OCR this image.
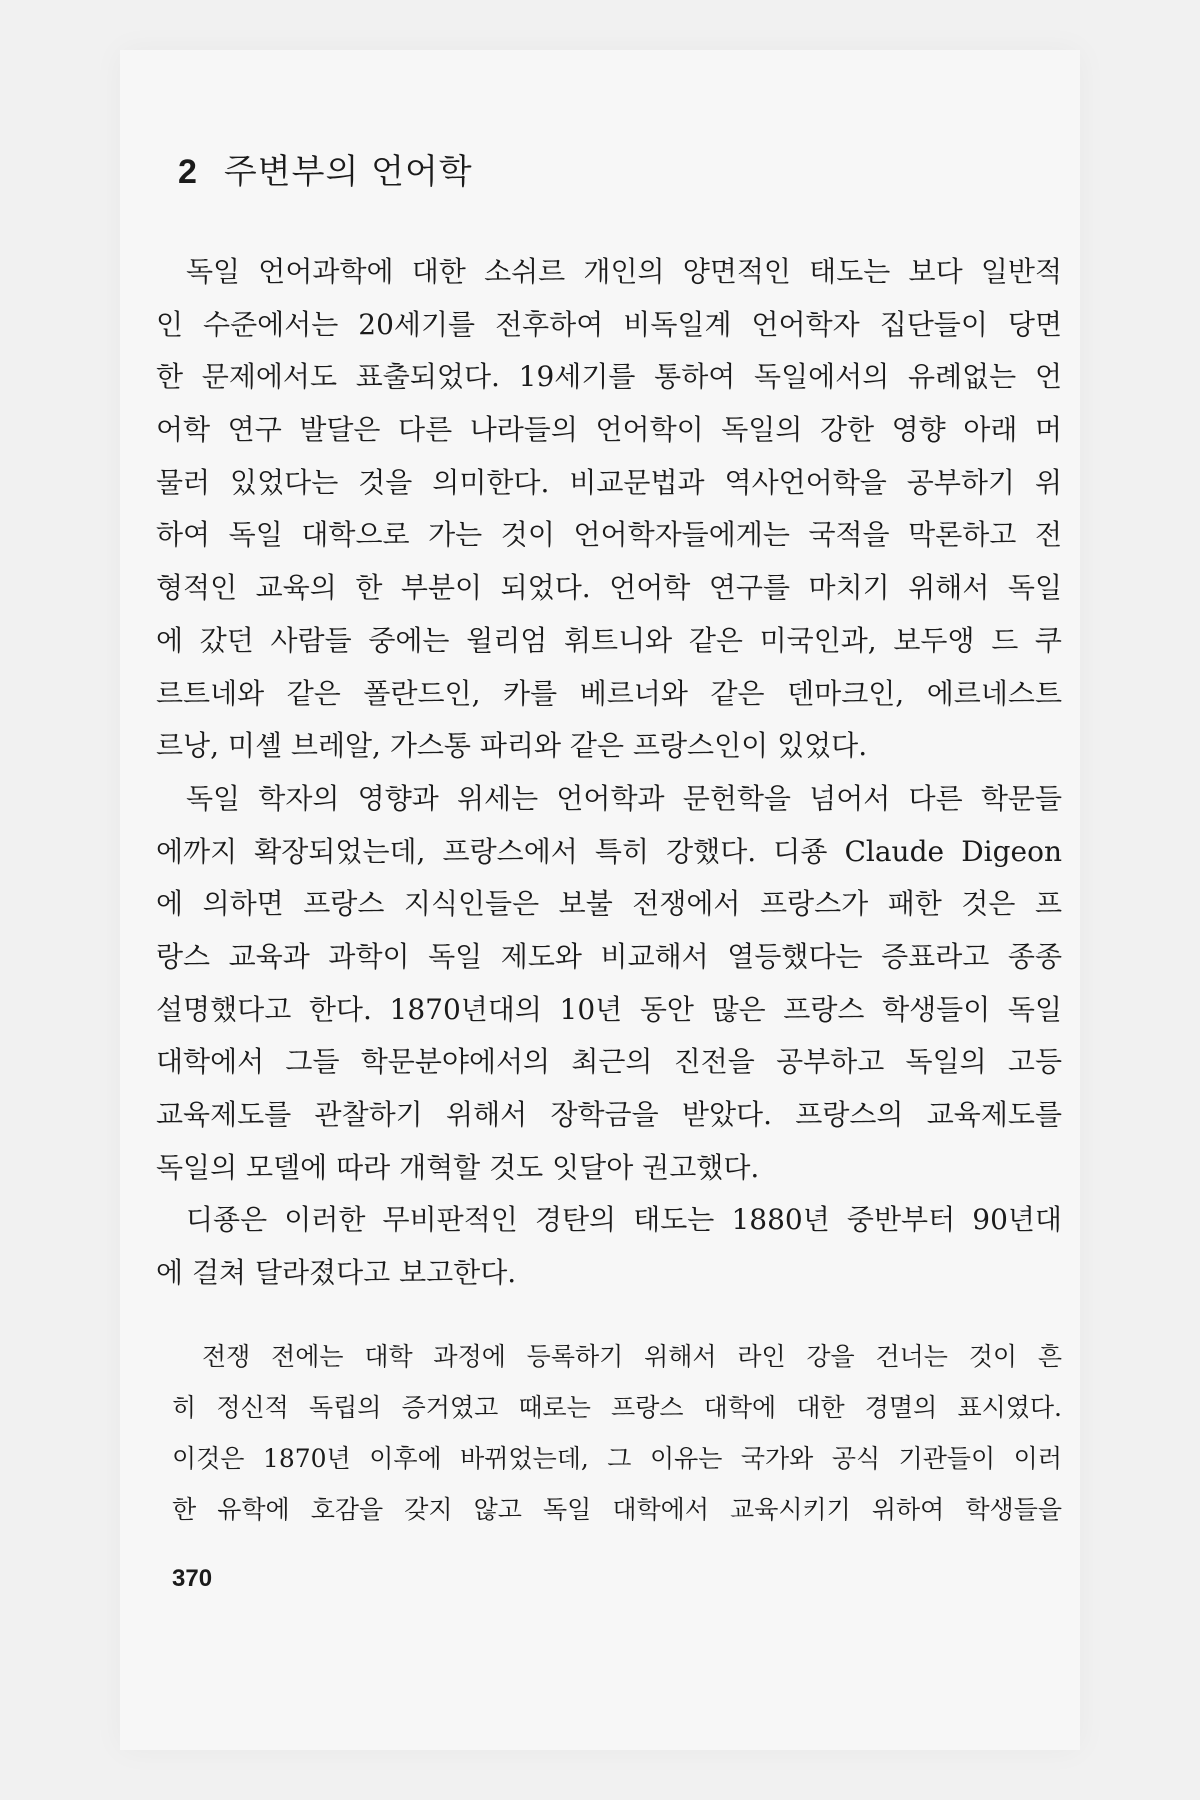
2 주변부의 언어학
독일 언어과학에 대한 소쉬르 개인의 양면적인 태도는 보다 일반적
인 수준에서는 20세기를 전후하여 비독일계 언어학자 집단들이 당면
한 문제에서도 표출되었다. 19세기를 통하여 독일에서의 유례없는 언
어학 연구 발달은 다른 나라들의 언어학이 독일의 강한 영향 아래 머
물러 있었다는 것을 의미한다. 비교문법과 역사언어학을 공부하기 위
하여 독일 대학으로 가는 것이 언어학자들에게는 국적을 막론하고 전
형적인 교육의 한 부분이 되었다. 언어학 연구를 마치기 위해서 독일
에 갔던 사람들 중에는 윌리엄 휘트니와 같은 미국인과, 보두앵 드 쿠
르트네와 같은 폴란드인, 카를 베르너와 같은 덴마크인, 에르네스트
르낭, 미셸 브레알, 가스통 파리와 같은 프랑스인이 있었다.
독일 학자의 영향과 위세는 언어학과 문헌학을 넘어서 다른 학문들
에까지 확장되었는데, 프랑스에서 특히 강했다. 디죵 Claude Digeon
에 의하면 프랑스 지식인들은 보불 전쟁에서 프랑스가 패한 것은 프
랑스 교육과 과학이 독일 제도와 비교해서 열등했다는 증표라고 종종
설명했다고 한다. 1870년대의 10년 동안 많은 프랑스 학생들이 독일
대학에서 그들 학문분야에서의 최근의 진전을 공부하고 독일의 고등
교육제도를 관찰하기 위해서 장학금을 받았다. 프랑스의 교육제도를
독일의 모델에 따라 개혁할 것도 잇달아 권고했다.
디죵은 이러한 무비판적인 경탄의 태도는 1880년 중반부터 90년대
에 걸쳐 달라졌다고 보고한다.
전쟁 전에는 대학 과정에 등록하기 위해서 라인 강을 건너는 것이 흔
히 정신적 독립의 증거였고 때로는 프랑스 대학에 대한 경멸의 표시였다.
이것은 1870년 이후에 바뀌었는데, 그 이유는 국가와 공식 기관들이 이러
한 유학에 호감을 갖지 않고 독일 대학에서 교육시키기 위하여 학생들을
370
